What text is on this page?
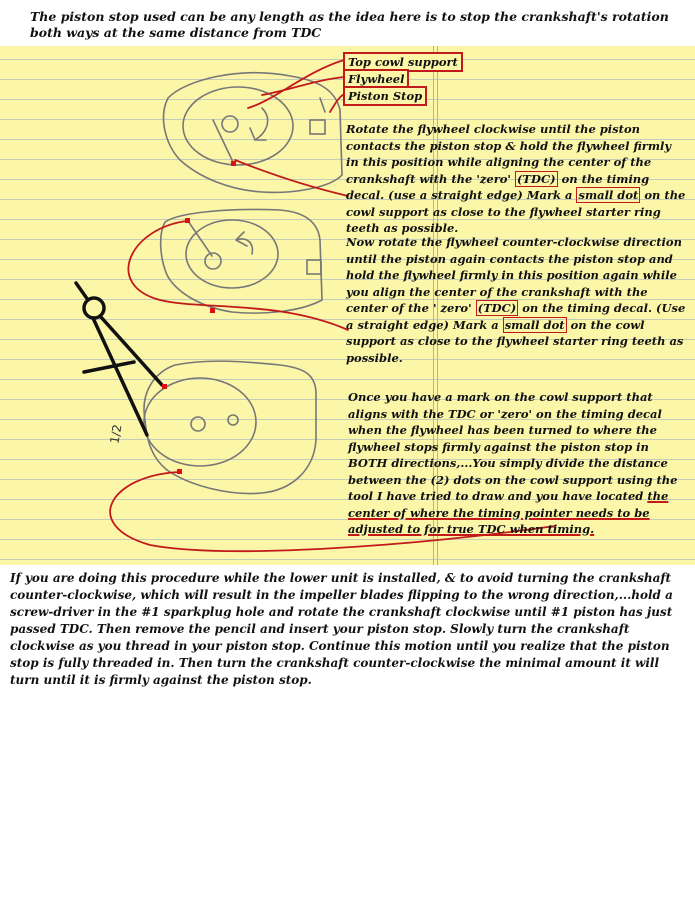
The piston stop used can be any length as the idea here is to stop the crankshaft's rotation both ways at the same distance from TDC
1/2
Top cowl support
Flywheel
Piston Stop
Rotate the flywheel clockwise until the piston contacts the piston stop & hold the flywheel firmly in this position while aligning the center of the crankshaft with the 'zero' (TDC) on the timing decal. (use a straight edge) Mark a small dot on the cowl support as close to the flywheel starter ring teeth as possible.
Now rotate the flywheel counter-clockwise direction until the piston again contacts the piston stop and hold the flywheel firmly in this position again while you align the center of the crankshaft with the center of the ' zero' (TDC) on the timing decal. (Use a straight edge) Mark a small dot on the cowl support as close to the flywheel starter ring teeth as possible.
Once you have a mark on the cowl support that aligns with the TDC or 'zero' on the timing decal when the flywheel has been turned to where the flywheel stops firmly against the piston stop in BOTH directions,...You simply divide the distance between the (2) dots on the cowl support using the tool I have tried to draw and you have located the center of where the timing pointer needs to be adjusted to for true TDC when timing.
If you are doing this procedure while the lower unit is installed, & to avoid turning the crankshaft counter-clockwise, which will result in the impeller blades flipping to the wrong direction,...hold a screw-driver in the #1 sparkplug hole and rotate the crankshaft clockwise until #1 piston has just passed TDC. Then remove the pencil and insert your piston stop. Slowly turn the crankshaft clockwise as you thread in your piston stop. Continue this motion until you realize that the piston stop is fully threaded in. Then turn the crankshaft counter-clockwise the minimal amount it will turn until it is firmly against the piston stop.
